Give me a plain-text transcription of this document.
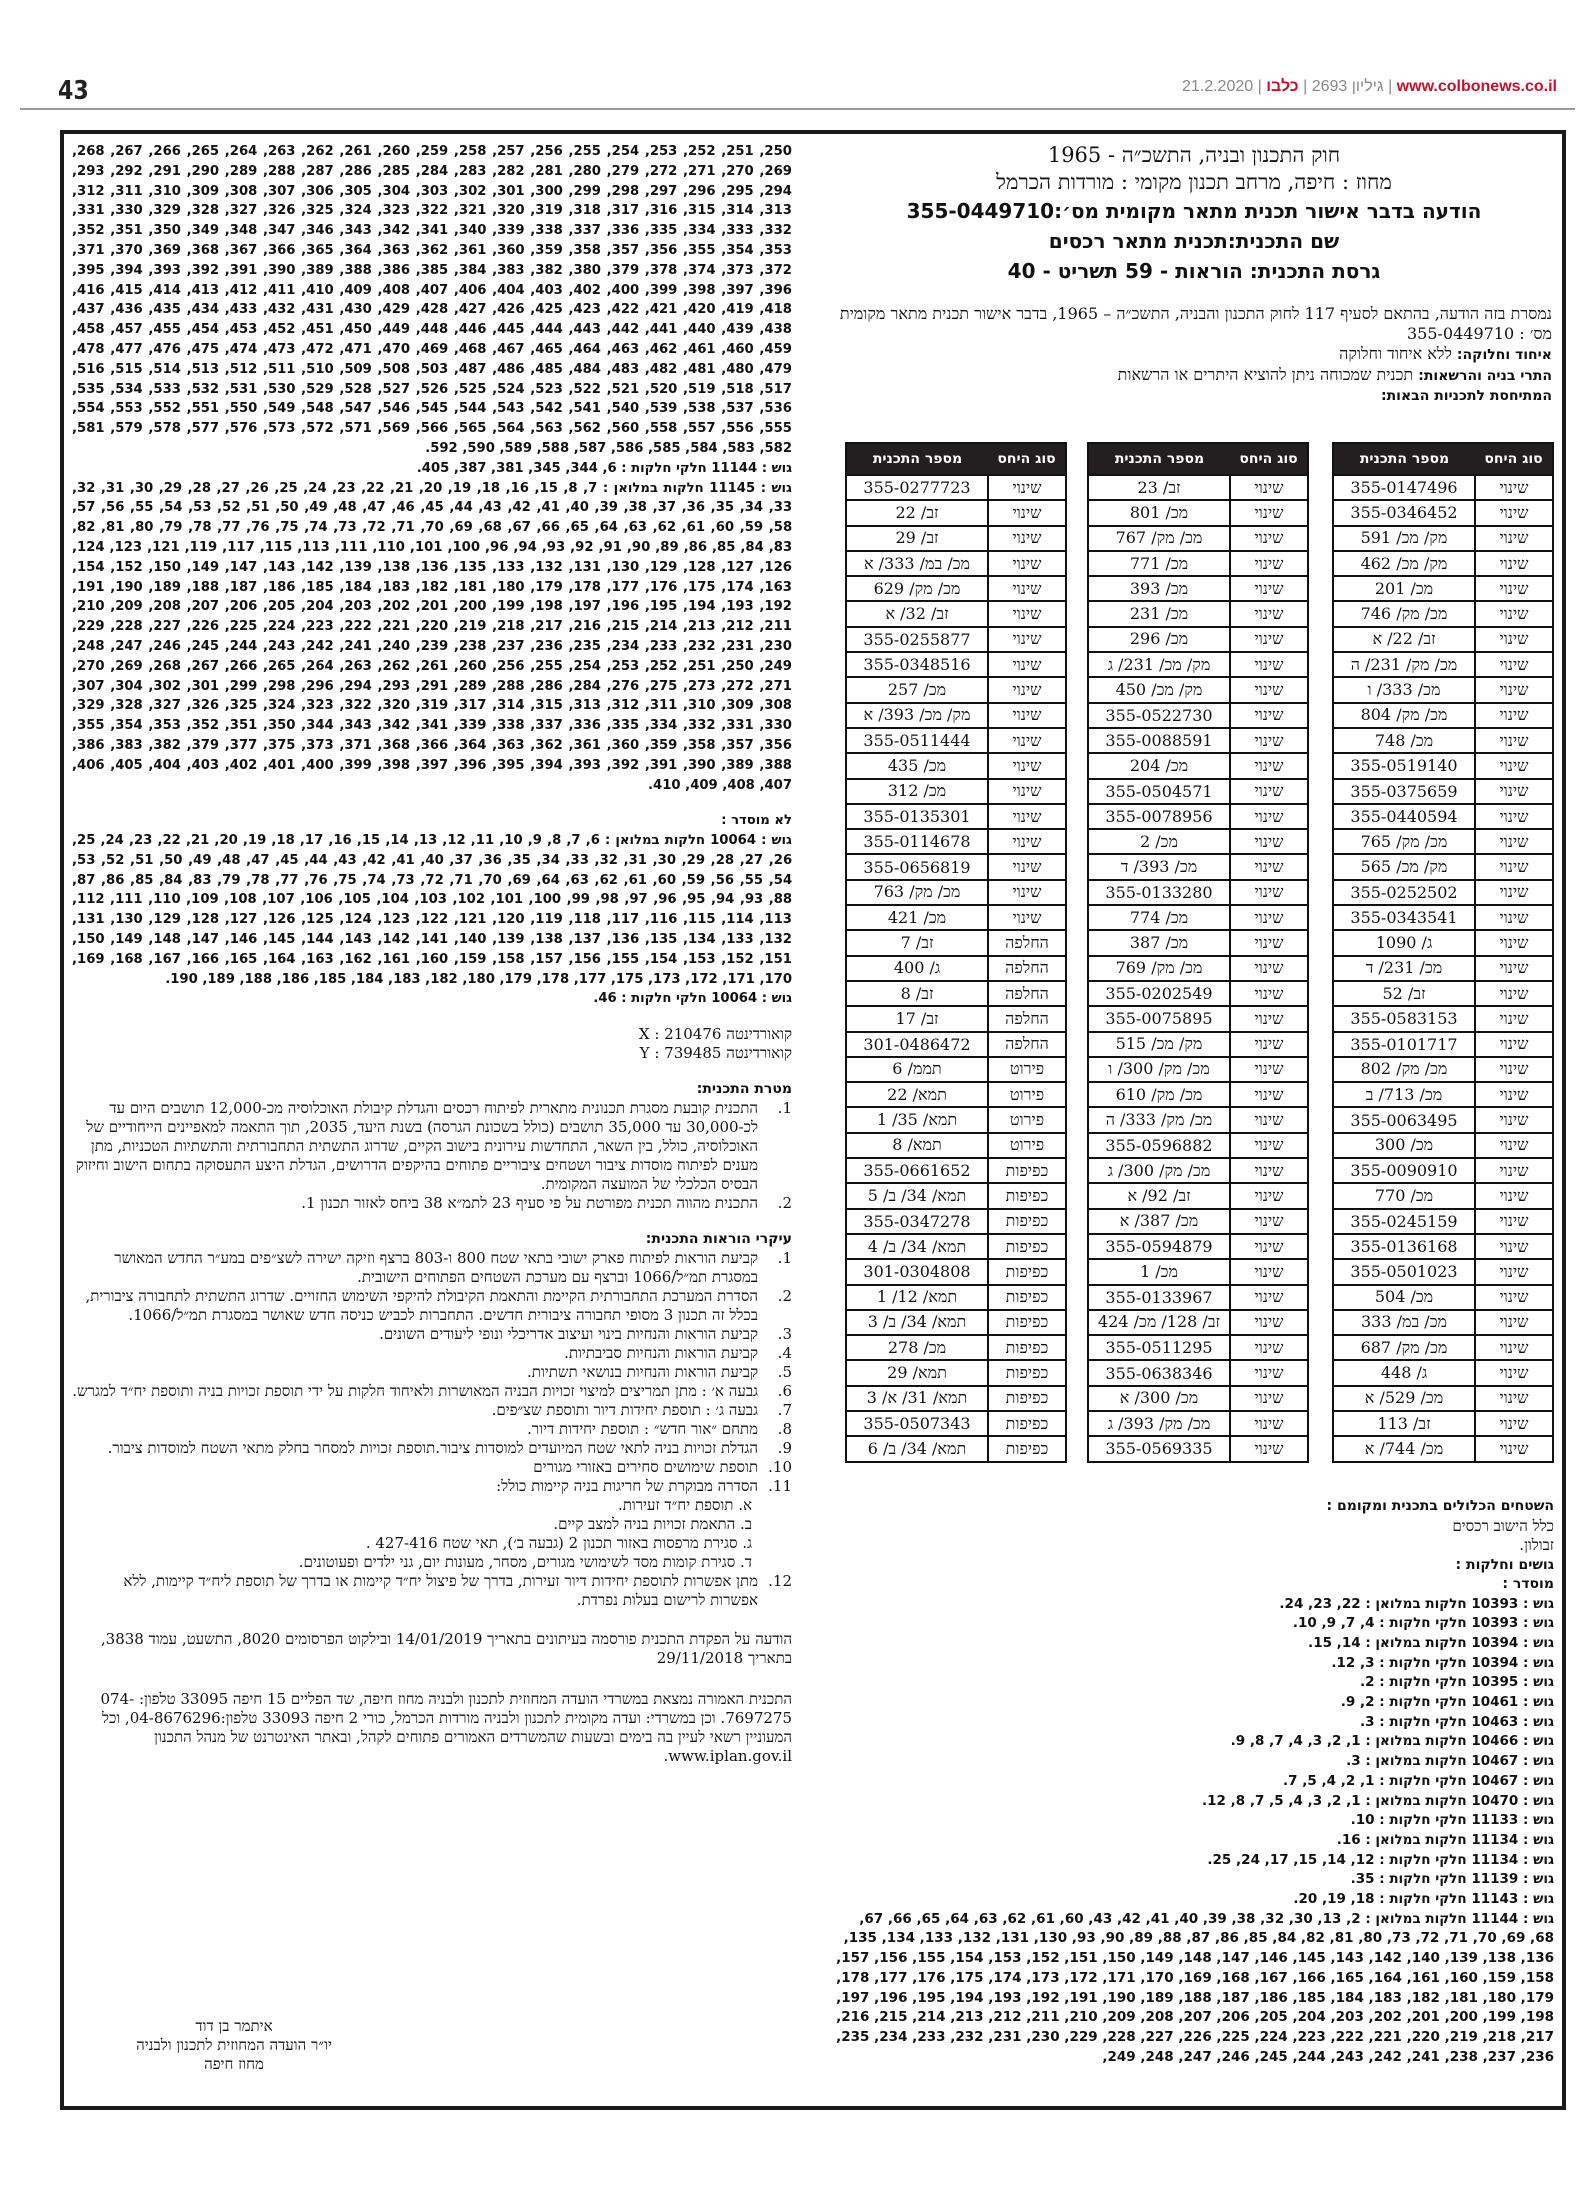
43	21.2.2020 |	גיליון 2693 | כלבו	| www.colbonews.co.il
חוק התכנון ובניה, התשכ״ה - 1965
מחוז : חיפה, מרחב תכנון מקומי : מורדות הכרמל
הודעה בדבר אישור תכנית מתאר מקומית מס׳:355-0449710
שם התכנית:תכנית מתאר רכסים
גרסת התכנית: הוראות - 59 תשריט - 40
נמסרת בזה הודעה, בהתאם לסעיף 117 לחוק התכנון והבניה, התשכ״ה – 1965, בדבר אישור תכנית מתאר מקומית
מס׳ : 355-0449710
איחוד וחלוקה: ללא איחוד וחלוקה
התרי בניה והרשאות: תכנית שמכוחה ניתן להוציא היתרים או הרשאות
המתיחסת לתכניות הבאות:
סוג היחס	מספר התכנית
שינוי	355-0147496
שינוי	355-0346452
שינוי	מק/ מכ/ 591
שינוי	מק/ מכ/ 462
שינוי	מכ/ 201
שינוי	מכ/ מק/ 746
שינוי	זב/ 22/ א
שינוי	מכ/ מק/ 231/ ה
שינוי	מכ/ 333/ ו
שינוי	מכ/ מק/ 804
שינוי	מכ/ 748
שינוי	355-0519140
שינוי	355-0375659
שינוי	355-0440594
שינוי	מכ/ מק/ 765
שינוי	מק/ מכ/ 565
שינוי	355-0252502
שינוי	355-0343541
שינוי	ג/ 1090
שינוי	מכ/ 231/ ד
שינוי	זב/ 52
שינוי	355-0583153
שינוי	355-0101717
שינוי	מכ/ מק/ 802
שינוי	מכ/ 713/ ב
שינוי	355-0063495
שינוי	מכ/ 300
שינוי	355-0090910
שינוי	מכ/ 770
שינוי	355-0245159
שינוי	355-0136168
שינוי	355-0501023
שינוי	מכ/ 504
שינוי	מכ/ במ/ 333
שינוי	מכ/ מק/ 687
שינוי	ג/ 448
שינוי	מכ/ 529/ א
שינוי	זב/ 113
שינוי	מכ/ 744/ א
סוג היחס	מספר התכנית
שינוי	זב/ 23
שינוי	מכ/ 801
שינוי	מכ/ מק/ 767
שינוי	מכ/ 771
שינוי	מכ/ 393
שינוי	מכ/ 231
שינוי	מכ/ 296
שינוי	מק/ מכ/ 231/ ג
שינוי	מק/ מכ/ 450
שינוי	355-0522730
שינוי	355-0088591
שינוי	מכ/ 204
שינוי	355-0504571
שינוי	355-0078956
שינוי	מכ/ 2
שינוי	מכ/ 393/ ד
שינוי	355-0133280
שינוי	מכ/ 774
שינוי	מכ/ 387
שינוי	מכ/ מק/ 769
שינוי	355-0202549
שינוי	355-0075895
שינוי	מק/ מכ/ 515
שינוי	מכ/ מק/ 300/ ו
שינוי	מכ/ מק/ 610
שינוי	מכ/ מק/ 333/ ה
שינוי	355-0596882
שינוי	מכ/ מק/ 300/ ג
שינוי	זב/ 92/ א
שינוי	מכ/ 387/ א
שינוי	355-0594879
שינוי	מכ/ 1
שינוי	355-0133967
שינוי	זב/ 128/ מכ/ 424
שינוי	355-0511295
שינוי	355-0638346
שינוי	מכ/ 300/ א
שינוי	מכ/ מק/ 393/ ג
שינוי	355-0569335
סוג היחס	מספר התכנית
שינוי	355-0277723
שינוי	זב/ 22
שינוי	זב/ 29
שינוי	מכ/ במ/ 333/ א
שינוי	מכ/ מק/ 629
שינוי	זב/ 32/ א
שינוי	355-0255877
שינוי	355-0348516
שינוי	מכ/ 257
שינוי	מק/ מכ/ 393/ א
שינוי	355-0511444
שינוי	מכ/ 435
שינוי	מכ/ 312
שינוי	355-0135301
שינוי	355-0114678
שינוי	355-0656819
שינוי	מכ/ מק/ 763
שינוי	מכ/ 421
החלפה	זב/ 7
החלפה	ג/ 400
החלפה	זב/ 8
החלפה	זב/ 17
החלפה	301-0486472
פירוט	תממ/ 6
פירוט	תמא/ 22
פירוט	תמא/ 35/ 1
פירוט	תמא/ 8
כפיפות	355-0661652
כפיפות	תמא/ 34/ ב/ 5
כפיפות	355-0347278
כפיפות	תמא/ 34/ ב/ 4
כפיפות	301-0304808
כפיפות	תמא/ 12/ 1
כפיפות	תמא/ 34/ ב/ 3
כפיפות	מכ/ 278
כפיפות	תמא/ 29
כפיפות	תמא/ 31/ א/ 3
כפיפות	355-0507343
כפיפות	תמא/ 34/ ב/ 6
השטחים הכלולים בתכנית ומקומם :
כלל הישוב רכסים
זבולון.
גושים וחלקות :
מוסדר :
גוש : 10393 חלקות במלואן : 22, 23, 24.
גוש : 10393 חלקי חלקות : 4, 7, 9, 10.
גוש : 10394 חלקות במלואן : 14, 15.
גוש : 10394 חלקי חלקות : 3, 12.
גוש : 10395 חלקי חלקות : 2.
גוש : 10461 חלקי חלקות : 2, 9.
גוש : 10463 חלקי חלקות : 3.
גוש : 10466 חלקות במלואן : 1, 2, 3, 4, 7, 8, 9.
גוש : 10467 חלקות במלואן : 3.
גוש : 10467 חלקי חלקות : 1, 2, 4, 5, 7.
גוש : 10470 חלקות במלואן : 1, 2, 3, 4, 5, 7, 8, 12.
גוש : 11133 חלקי חלקות : 10.
גוש : 11134 חלקות במלואן : 16.
גוש : 11134 חלקי חלקות : 12, 14, 15, 17, 24, 25.
גוש : 11139 חלקי חלקות : 35.
גוש : 11143 חלקי חלקות : 18, 19, 20.
גוש : 11144 חלקות במלואן : 2, 13, 30, 32, 38, 39, 40, 41, 42, 43, 60, 61, 62, 63, 64, 65, 66, 67, 68, 69, 70, 71, 72, 73, 80, 81, 82, 84, 85, 86, 87, 88, 89, 90, 93, 130, 131, 132, 133, 134, 135, 136, 138, 139, 140, 142, 143, 145, 146, 147, 148, 149, 150, 151, 152, 153, 154, 155, 156, 157, 158, 159, 160, 161, 164, 165, 166, 167, 168, 169, 170, 171, 172, 173, 174, 175, 176, 177, 178, 179, 180, 181, 182, 183, 184, 185, 186, 187, 188, 189, 190, 191, 192, 193, 194, 195, 196, 197, 198, 199, 200, 201, 202, 203, 204, 205, 206, 207, 208, 209, 210, 211, 212, 213, 214, 215, 216, 217, 218, 219, 220, 221, 222, 223, 224, 225, 226, 227, 228, 229, 230, 231, 232, 233, 234, 235, 236, 237, 238, 241, 242, 243, 244, 245, 246, 247, 248, 249,
250, 251, 252, 253, 254, 255, 256, 257, 258, 259, 260, 261, 262, 263, 264, 265, 266, 267, 268, 269, 270, 271, 272, 279, 280, 281, 282, 283, 284, 285, 286, 287, 288, 289, 290, 291, 292, 293, 294, 295, 296, 297, 298, 299, 300, 301, 302, 303, 304, 305, 306, 307, 308, 309, 310, 311, 312, 313, 314, 315, 316, 317, 318, 319, 320, 321, 322, 323, 324, 325, 326, 327, 328, 329, 330, 331, 332, 333, 334, 335, 336, 337, 338, 339, 340, 341, 342, 343, 346, 347, 348, 349, 350, 351, 352, 353, 354, 355, 356, 357, 358, 359, 360, 361, 362, 363, 364, 365, 366, 367, 368, 369, 370, 371, 372, 373, 374, 378, 379, 380, 382, 383, 384, 385, 386, 388, 389, 390, 391, 392, 393, 394, 395, 396, 397, 398, 399, 400, 402, 403, 404, 406, 407, 408, 409, 410, 411, 412, 413, 414, 415, 416, 418, 419, 420, 421, 422, 423, 425, 426, 427, 428, 429, 430, 431, 432, 433, 434, 435, 436, 437, 438, 439, 440, 441, 442, 443, 444, 445, 446, 448, 449, 450, 451, 452, 453, 454, 455, 457, 458, 459, 460, 461, 462, 463, 464, 465, 467, 468, 469, 470, 471, 472, 473, 474, 475, 476, 477, 478, 479, 480, 481, 482, 483, 484, 485, 486, 487, 503, 508, 509, 510, 511, 512, 513, 514, 515, 516, 517, 518, 519, 520, 521, 522, 523, 524, 525, 526, 527, 528, 529, 530, 531, 532, 533, 534, 535, 536, 537, 538, 539, 540, 541, 542, 543, 544, 545, 546, 547, 548, 549, 550, 551, 552, 553, 554, 555, 556, 557, 558, 560, 562, 563, 564, 565, 566, 569, 571, 572, 573, 576, 577, 578, 579, 581, 582, 583, 584, 585, 586, 587, 588, 589, 590, 592.
גוש : 11144 חלקי חלקות : 6, 344, 345, 381, 387, 405.
גוש : 11145 חלקות במלואן : 7, 8, 15, 16, 18, 19, 20, 21, 22, 23, 24, 25, 26, 27, 28, 29, 30, 31, 32, 33, 34, 35, 36, 37, 38, 39, 40, 41, 42, 43, 44, 45, 46, 47, 48, 49, 50, 51, 52, 53, 54, 55, 56, 57, 58, 59, 60, 61, 62, 63, 64, 65, 66, 67, 68, 69, 70, 71, 72, 73, 74, 75, 76, 77, 78, 79, 80, 81, 82, 83, 84, 85, 86, 89, 90, 91, 92, 93, 94, 96, 100, 101, 110, 111, 113, 115, 117, 119, 121, 123, 124, 126, 127, 128, 129, 130, 131, 132, 133, 135, 136, 138, 139, 142, 143, 147, 149, 150, 152, 154, 163, 174, 175, 176, 177, 178, 179, 180, 181, 182, 183, 184, 185, 186, 187, 188, 189, 190, 191, 192, 193, 194, 195, 196, 197, 198, 199, 200, 201, 202, 203, 204, 205, 206, 207, 208, 209, 210, 211, 212, 213, 214, 215, 216, 217, 218, 219, 220, 221, 222, 223, 224, 225, 226, 227, 228, 229, 230, 231, 232, 233, 234, 235, 236, 237, 238, 239, 240, 241, 242, 243, 244, 245, 246, 247, 248, 249, 250, 251, 252, 253, 254, 255, 256, 260, 261, 262, 263, 264, 265, 266, 267, 268, 269, 270, 271, 272, 273, 275, 276, 284, 286, 288, 289, 291, 293, 294, 296, 298, 299, 301, 302, 304, 307, 308, 309, 310, 311, 312, 313, 315, 314, 317, 319, 320, 322, 323, 324, 325, 326, 327, 328, 329, 330, 331, 332, 334, 335, 336, 337, 338, 339, 341, 342, 343, 344, 350, 351, 352, 353, 354, 355, 356, 357, 358, 359, 360, 361, 362, 363, 364, 366, 368, 371, 373, 375, 377, 379, 382, 383, 386, 388, 389, 390, 391, 392, 393, 394, 395, 396, 397, 398, 399, 400, 401, 402, 403, 404, 405, 406, 407, 408, 409, 410.
לא מוסדר :
גוש : 10064 חלקות במלואן : 6, 7, 8, 9, 10, 11, 12, 13, 14, 15, 16, 17, 18, 19, 20, 21, 22, 23, 24, 25, 26, 27, 28, 29, 30, 31, 32, 33, 34, 35, 36, 37, 40, 41, 42, 43, 44, 45, 47, 48, 49, 50, 51, 52, 53, 54, 55, 56, 59, 60, 61, 62, 63, 64, 69, 70, 71, 72, 73, 74, 75, 76, 77, 78, 79, 83, 84, 85, 86, 87, 88, 93, 94, 95, 96, 97, 98, 99, 100, 101, 102, 103, 104, 105, 106, 107, 108, 109, 110, 111, 112, 113, 114, 115, 116, 117, 118, 119, 120, 121, 122, 123, 124, 125, 126, 127, 128, 129, 130, 131, 132, 133, 134, 135, 136, 137, 138, 139, 140, 141, 142, 143, 144, 145, 146, 147, 148, 149, 150, 151, 152, 153, 154, 155, 156, 157, 158, 159, 160, 161, 162, 163, 164, 165, 166, 167, 168, 169, 170, 171, 172, 173, 175, 177, 178, 179, 180, 182, 183, 184, 185, 186, 188, 189, 190.
גוש : 10064 חלקי חלקות : 46.
קואורדינטה X : 210476
קואורדינטה Y : 739485
מטרת התכנית:
1.
התכנית קובעת מסגרת תכנונית מתארית לפיתוח רכסים והגדלת קיבולת האוכלוסיה מכ-12,000 תושבים היום עד לכ-30,000 עד 35,000 תושבים (כולל בשכונת הגרסה) בשנת היעד, 2035, תוך התאמה למאפיינים הייחודיים של האוכלוסיה, כולל, בין השאר, התחדשות עירונית בישוב הקיים, שדרוג התשתית התחבורתית והתשתיות הטכניות, מתן מענים לפיתוח מוסדות ציבור ושטחים ציבוריים פתוחים בהיקפים הדרושים, הגדלת היצע התעסוקה בתחום הישוב וחיזוק הבסיס הכלכלי של המועצה המקומית.
2.
התכנית מהווה תכנית מפורטת על פי סעיף 23 לתמ״א 38 ביחס לאזור תכנון 1.
עיקרי הוראות התכנית:
1.
קביעת הוראות לפיתוח פארק ישובי בתאי שטח 800 ו-803 ברצף וזיקה ישירה לשצ״פים במע״ר החדש המאושר במסגרת תמ״ל/1066 וברצף עם מערכת השטחים הפתוחים הישובית.
2.
הסדרת המערכת התחבורתית הקיימת והתאמת הקיבולת להיקפי השימוש החזויים. שדרוג התשתית לתחבורה ציבורית, בכלל זה תכנון 3 מסופי תחבורה ציבורית חדשים. התחברות לכביש כניסה חדש שאושר במסגרת תמ״ל/1066.
3.
קביעת הוראות והנחיות בינוי ועיצוב אדריכלי ונופי ליעודים השונים.
4.
קביעת הוראות והנחיות סביבתיות.
5.
קביעת הוראות והנחיות בנושאי תשתיות.
6.
גבעה א׳ : מתן תמריצים למיצוי זכויות הבניה המאושרות ולאיחוד חלקות על ידי תוספת זכויות בניה ותוספת יח״ד למגרש.
7.
גבעה ג׳ : תוספת יחידות דיור ותוספת שצ״פים.
8.
מתחם ״אור חדש״ : תוספת יחידות דיור.
9.
הגדלת זכויות בניה לתאי שטח המיועדים למוסדות ציבור.תוספת זכויות למסחר בחלק מתאי השטח למוסדות ציבור.
10.
תוספת שימושים סחירים באזורי מגורים
11.
הסדרה מבוקרת של חריגות בניה קיימות כולל:
א. תוספת יח״ד זעירות.
ב. התאמת זכויות בניה למצב קיים.
ג. סגירת מרפסות באזור תכנון 2 (גבעה ב׳), תאי שטח 427-416 .
ד. סגירת קומות מסד לשימושי מגורים, מסחר, מעונות יום, גני ילדים ופעוטונים.
12.
מתן אפשרות לתוספת יחידות דיור זעירות, בדרך של פיצול יח״ד קיימות או בדרך של תוספת ליח״ד קיימות, ללא אפשרות לרישום בעלות נפרדת.
הודעה על הפקדת התכנית פורסמה בעיתונים בתאריך 14/01/2019 ובילקוט הפרסומים 8020, התשעט, עמוד 3838, בתאריך 29/11/2018
התכנית האמורה נמצאת במשרדי הועדה המחוזית לתכנון ולבניה מחוז חיפה, שד הפליים 15 חיפה 33095 טלפון: 074-7697275. וכן במשרדי: ועדה מקומית לתכנון ולבניה מורדות הכרמל, כורי 2 חיפה 33093 טלפון:04-8676296, וכל המעוניין רשאי לעיין בה בימים ובשעות שהמשרדים האמורים פתוחים לקהל, ובאתר האינטרנט של מנהל התכנון www.iplan.gov.il.
איתמר בן דוד
יו״ר הועדה המחוזית לתכנון ולבניה
מחוז חיפה
